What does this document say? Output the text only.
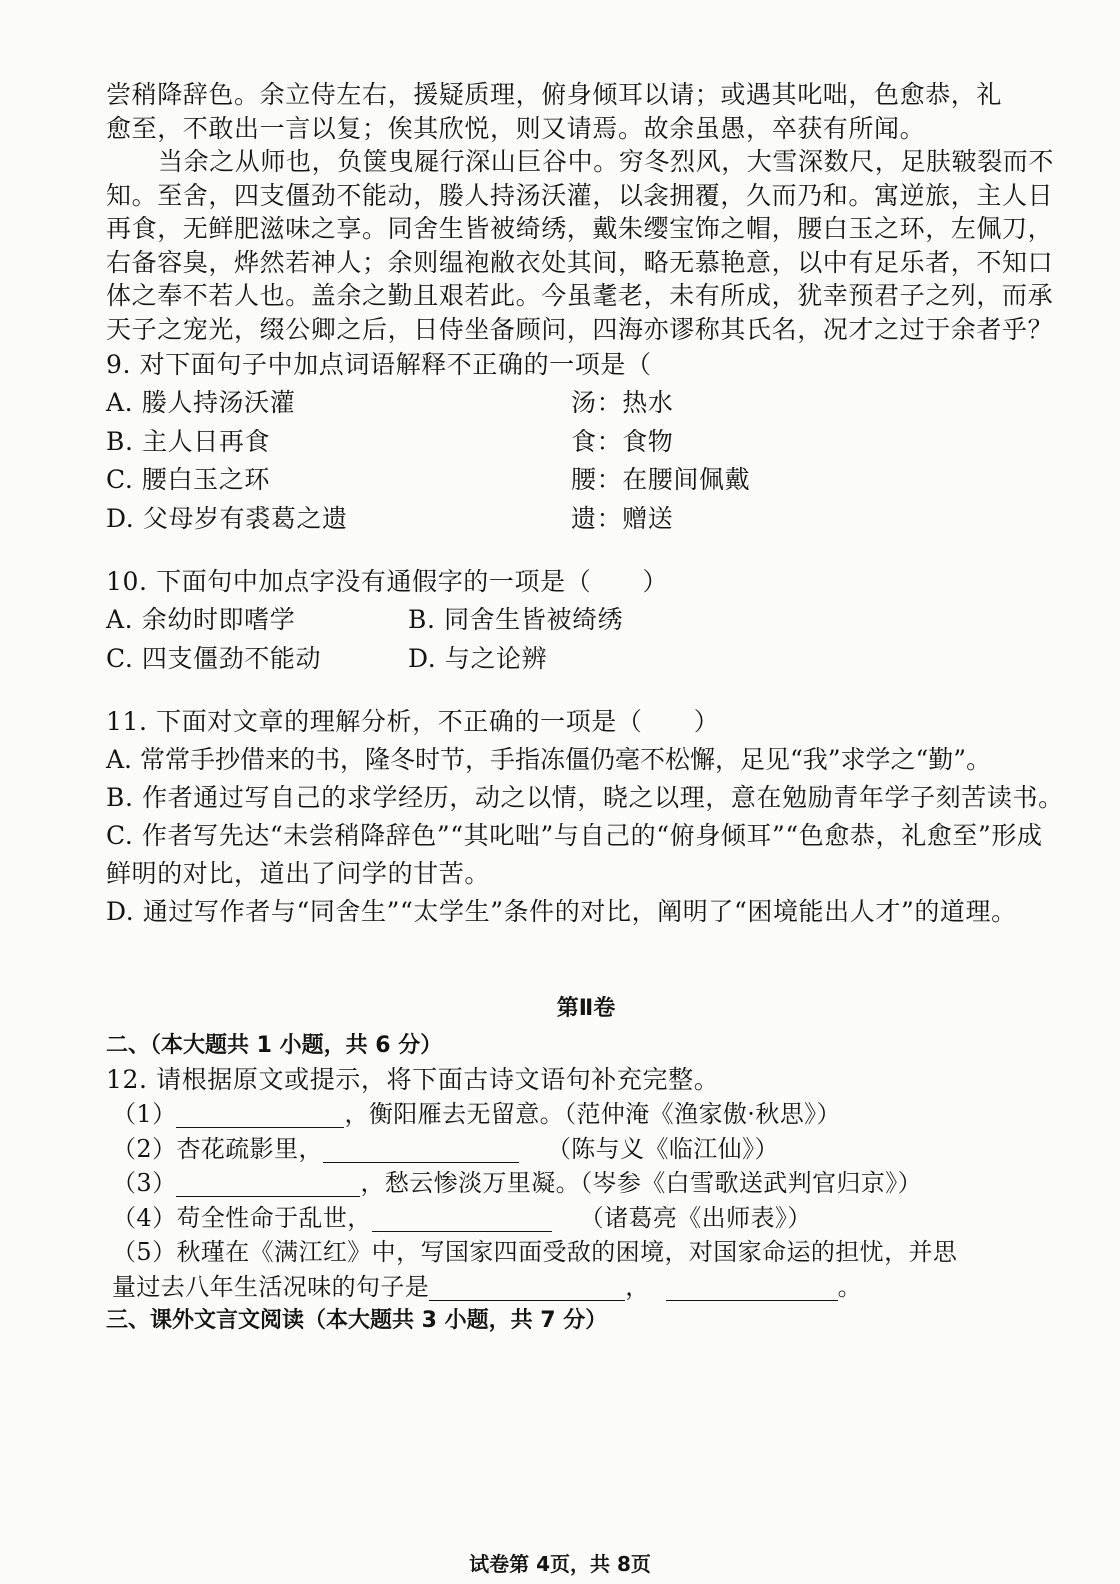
尝稍降辞色。余立侍左右，援疑质理，俯身倾耳以请；或遇其叱咄，色愈恭，礼

愈至，不敢出一言以复；俟其欣悦，则又请焉。故余虽愚，卒获有所闻。

当余之从师也，负箧曳屣行深山巨谷中。穷冬烈风，大雪深数尺，足肤皲裂而不知。至舍，四支僵劲不能动，媵人持汤沃灌，以衾拥覆，久而乃和。寓逆旅，主人日再食，无鲜肥滋味之享。同舍生皆被绮绣，戴朱缨宝饰之帽，腰白玉之环，左佩刀，右备容臭，烨然若神人；余则缊袍敝衣处其间，略无慕艳意，以中有足乐者，不知口体之奉不若人也。盖余之勤且艰若此。今虽耄老，未有所成，犹幸预君子之列，而承天子之宠光，缀公卿之后，日侍坐备顾问，四海亦谬称其氏名，况才之过于余者乎？

9. 对下面句子中加点词语解释不正确的一项是（

A. 媵人持汤沃灌	汤：热水
B. 主人日再食	食：食物
C. 腰白玉之环	腰：在腰间佩戴
D. 父母岁有裘葛之遗	遗：赠送

10. 下面句中加点字没有通假字的一项是（　　）

A. 余幼时即嗜学	B. 同舍生皆被绮绣
C. 四支僵劲不能动	D. 与之论辨

11. 下面对文章的理解分析，不正确的一项是（　　）

A. 常常手抄借来的书，隆冬时节，手指冻僵仍毫不松懈，足见“我”求学之“勤”。

B. 作者通过写自己的求学经历，动之以情，晓之以理，意在勉励青年学子刻苦读书。

C. 作者写先达“未尝稍降辞色”“其叱咄”与自己的“俯身倾耳”“色愈恭，礼愈至”形成鲜明的对比，道出了问学的甘苦。

D. 通过写作者与“同舍生”“太学生”条件的对比，阐明了“困境能出人才”的道理。

第Ⅱ卷

二、（本大题共 1 小题，共 6 分）

12. 请根据原文或提示，将下面古诗文语句补充完整。

（1）	，衡阳雁去无留意。（范仲淹《渔家傲·秋思》）

（2）杏花疏影里，	（陈与义《临江仙》）

（3）	，愁云惨淡万里凝。（岑参《白雪歌送武判官归京》）

（4）苟全性命于乱世，	（诸葛亮《出师表》）

（5）秋瑾在《满江红》中，写国家四面受敌的困境，对国家命运的担忧，并思

量过去八年生活况味的句子是	，	。

三、课外文言文阅读（本大题共 3 小题，共 7 分）

试卷第 4页，共 8页
